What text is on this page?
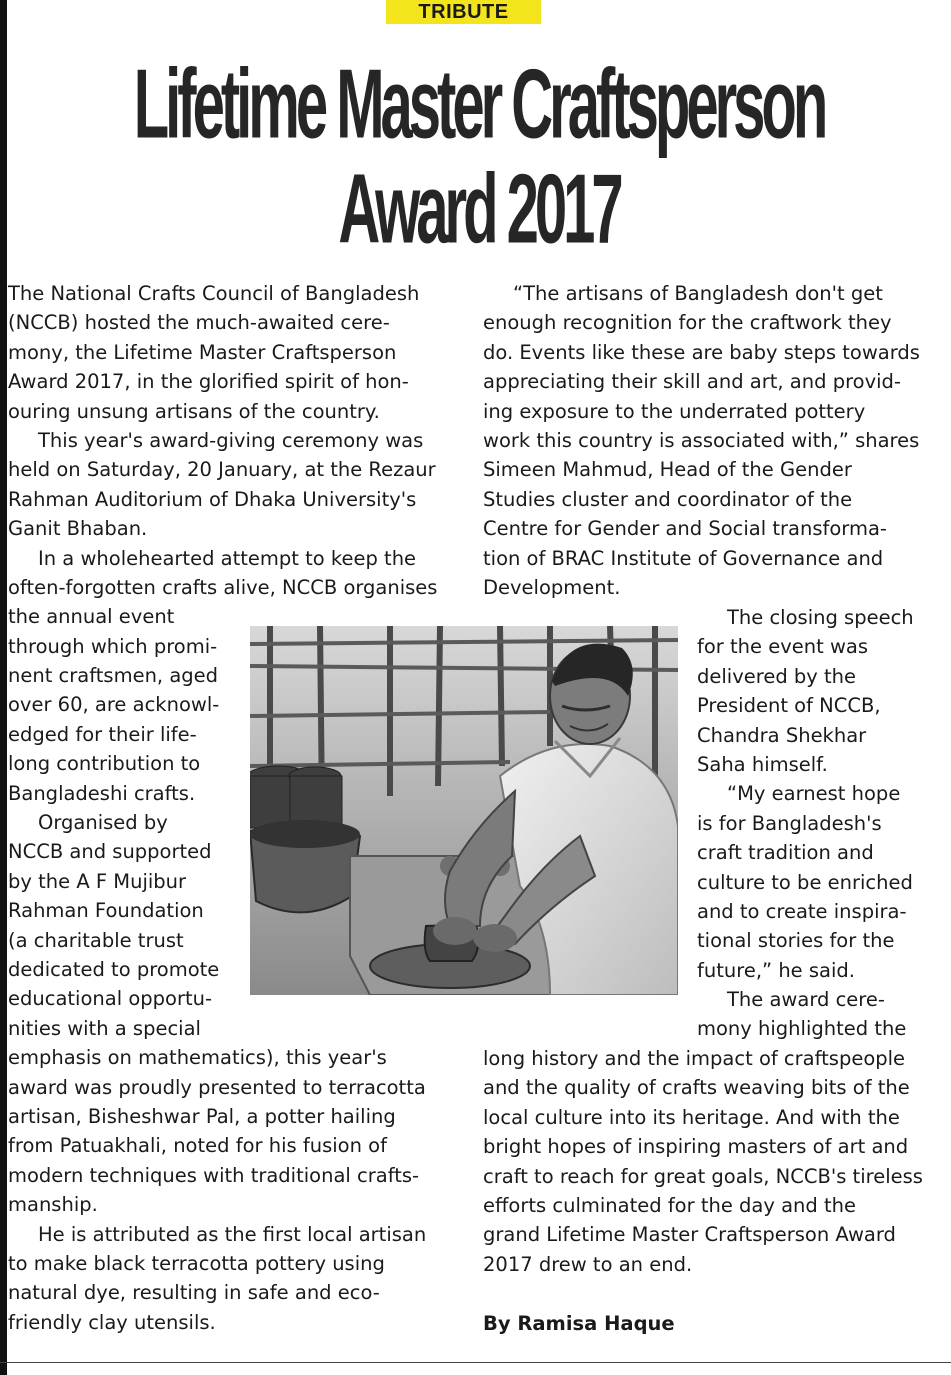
TRIBUTE
Lifetime Master Craftsperson
Award 2017
The National Crafts Council of Bangladesh
(NCCB) hosted the much-awaited cere-
mony, the Lifetime Master Craftsperson
Award 2017, in the glorified spirit of hon-
ouring unsung artisans of the country.
This year's award-giving ceremony was
held on Saturday, 20 January, at the Rezaur
Rahman Auditorium of Dhaka University's
Ganit Bhaban.
In a wholehearted attempt to keep the
often-forgotten crafts alive, NCCB organises
the annual event
through which promi-
nent craftsmen, aged
over 60, are acknowl-
edged for their life-
long contribution to
Bangladeshi crafts.
Organised by
NCCB and supported
by the A F Mujibur
Rahman Foundation
(a charitable trust
dedicated to promote
educational opportu-
nities with a special
emphasis on mathematics), this year's
award was proudly presented to terracotta
artisan, Bisheshwar Pal, a potter hailing
from Patuakhali, noted for his fusion of
modern techniques with traditional crafts-
manship.
He is attributed as the first local artisan
to make black terracotta pottery using
natural dye, resulting in safe and eco-
friendly clay utensils.
“The artisans of Bangladesh don't get
enough recognition for the craftwork they
do. Events like these are baby steps towards
appreciating their skill and art, and provid-
ing exposure to the underrated pottery
work this country is associated with,” shares
Simeen Mahmud, Head of the Gender
Studies cluster and coordinator of the
Centre for Gender and Social transforma-
tion of BRAC Institute of Governance and
Development.
The closing speech
for the event was
delivered by the
President of NCCB,
Chandra Shekhar
Saha himself.
“My earnest hope
is for Bangladesh's
craft tradition and
culture to be enriched
and to create inspira-
tional stories for the
future,” he said.
The award cere-
mony highlighted the
long history and the impact of craftspeople
and the quality of crafts weaving bits of the
local culture into its heritage. And with the
bright hopes of inspiring masters of art and
craft to reach for great goals, NCCB's tireless
efforts culminated for the day and the
grand Lifetime Master Craftsperson Award
2017 drew to an end.
By Ramisa Haque
